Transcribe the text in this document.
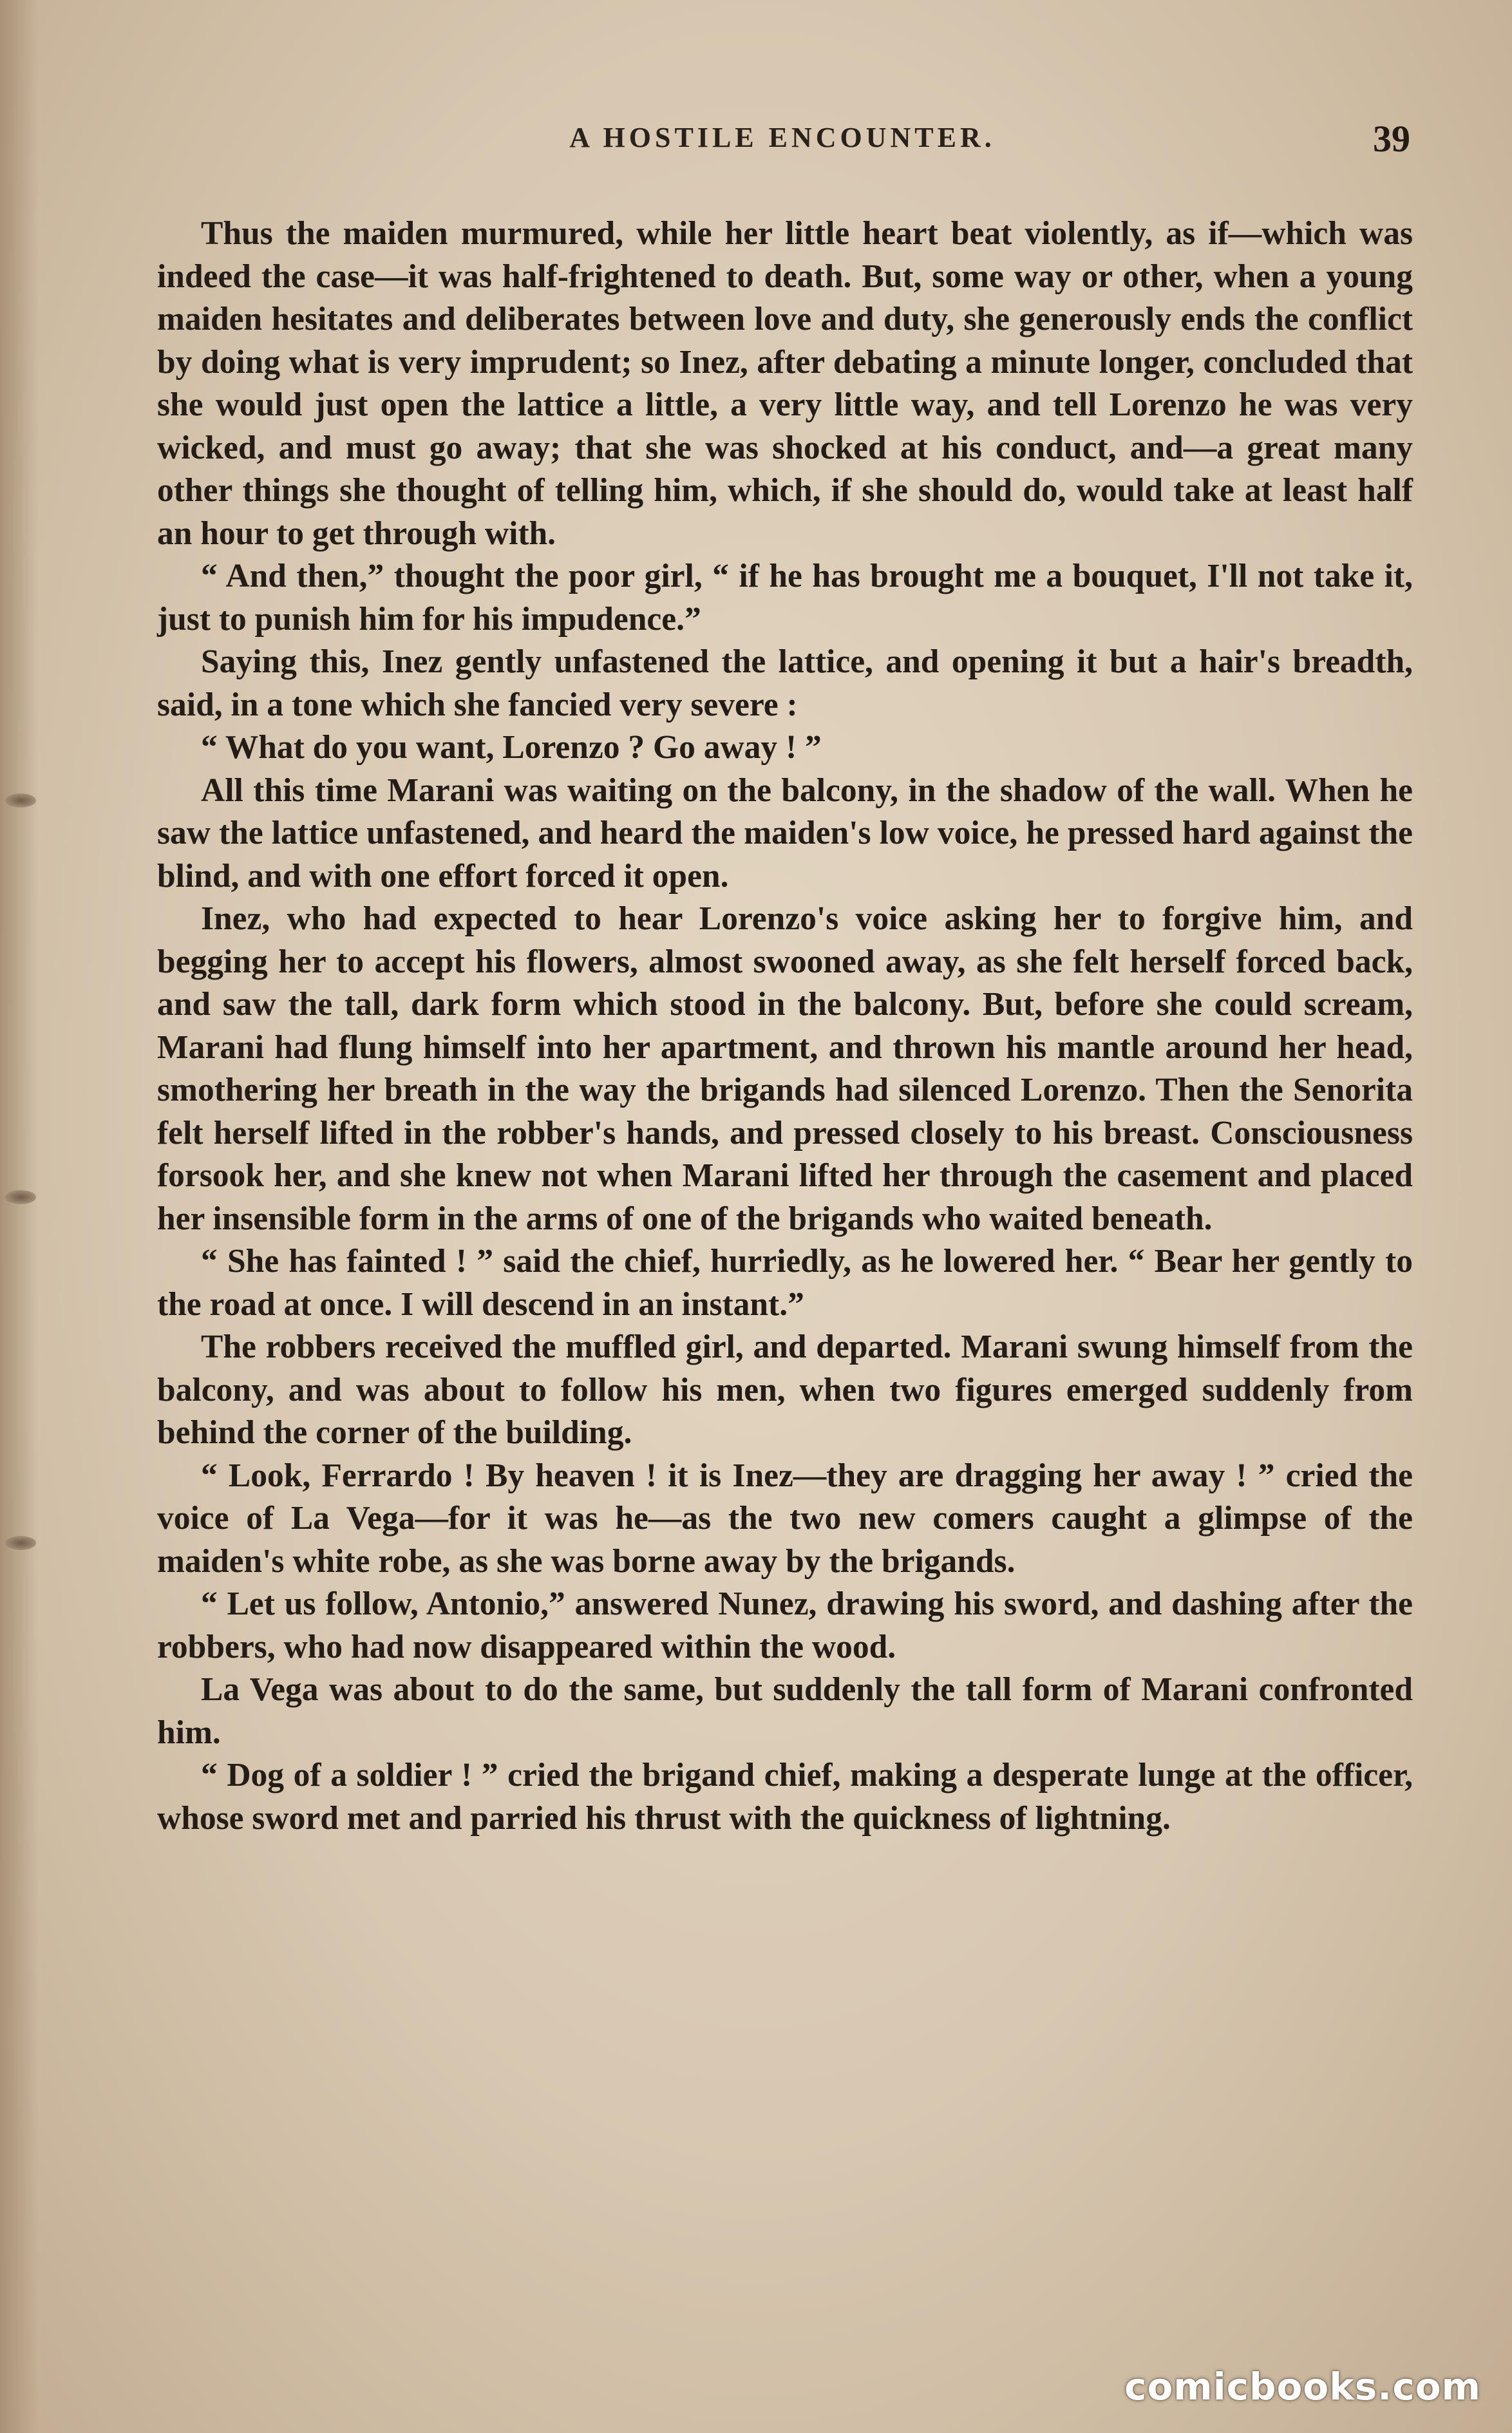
A HOSTILE ENCOUNTER.	39

Thus the maiden murmured, while her little heart beat violently, as if—which was indeed the case—it was half-frightened to death. But, some way or other, when a young maiden hesitates and deliberates between love and duty, she generously ends the conflict by doing what is very imprudent; so Inez, after debating a minute longer, concluded that she would just open the lattice a little, a very little way, and tell Lorenzo he was very wicked, and must go away; that she was shocked at his conduct, and—a great many other things she thought of telling him, which, if she should do, would take at least half an hour to get through with.

“ And then,” thought the poor girl, “ if he has brought me a bouquet, I'll not take it, just to punish him for his impudence.”

Saying this, Inez gently unfastened the lattice, and opening it but a hair's breadth, said, in a tone which she fancied very severe :

“ What do you want, Lorenzo ? Go away ! ”

All this time Marani was waiting on the balcony, in the shadow of the wall. When he saw the lattice unfastened, and heard the maiden's low voice, he pressed hard against the blind, and with one effort forced it open.

Inez, who had expected to hear Lorenzo's voice asking her to forgive him, and begging her to accept his flowers, almost swooned away, as she felt herself forced back, and saw the tall, dark form which stood in the balcony. But, before she could scream, Marani had flung himself into her apartment, and thrown his mantle around her head, smothering her breath in the way the brigands had silenced Lorenzo. Then the Senorita felt herself lifted in the robber's hands, and pressed closely to his breast. Consciousness forsook her, and she knew not when Marani lifted her through the casement and placed her insensible form in the arms of one of the brigands who waited beneath.

“ She has fainted ! ” said the chief, hurriedly, as he lowered her. “ Bear her gently to the road at once. I will descend in an instant.”

The robbers received the muffled girl, and departed. Marani swung himself from the balcony, and was about to follow his men, when two figures emerged suddenly from behind the corner of the building.

“ Look, Ferrardo ! By heaven ! it is Inez—they are dragging her away ! ” cried the voice of La Vega—for it was he—as the two new comers caught a glimpse of the maiden's white robe, as she was borne away by the brigands.

“ Let us follow, Antonio,” answered Nunez, drawing his sword, and dashing after the robbers, who had now disappeared within the wood.

La Vega was about to do the same, but suddenly the tall form of Marani confronted him.

“ Dog of a soldier ! ” cried the brigand chief, making a desperate lunge at the officer, whose sword met and parried his thrust with the quickness of lightning.

comicbooks.com
